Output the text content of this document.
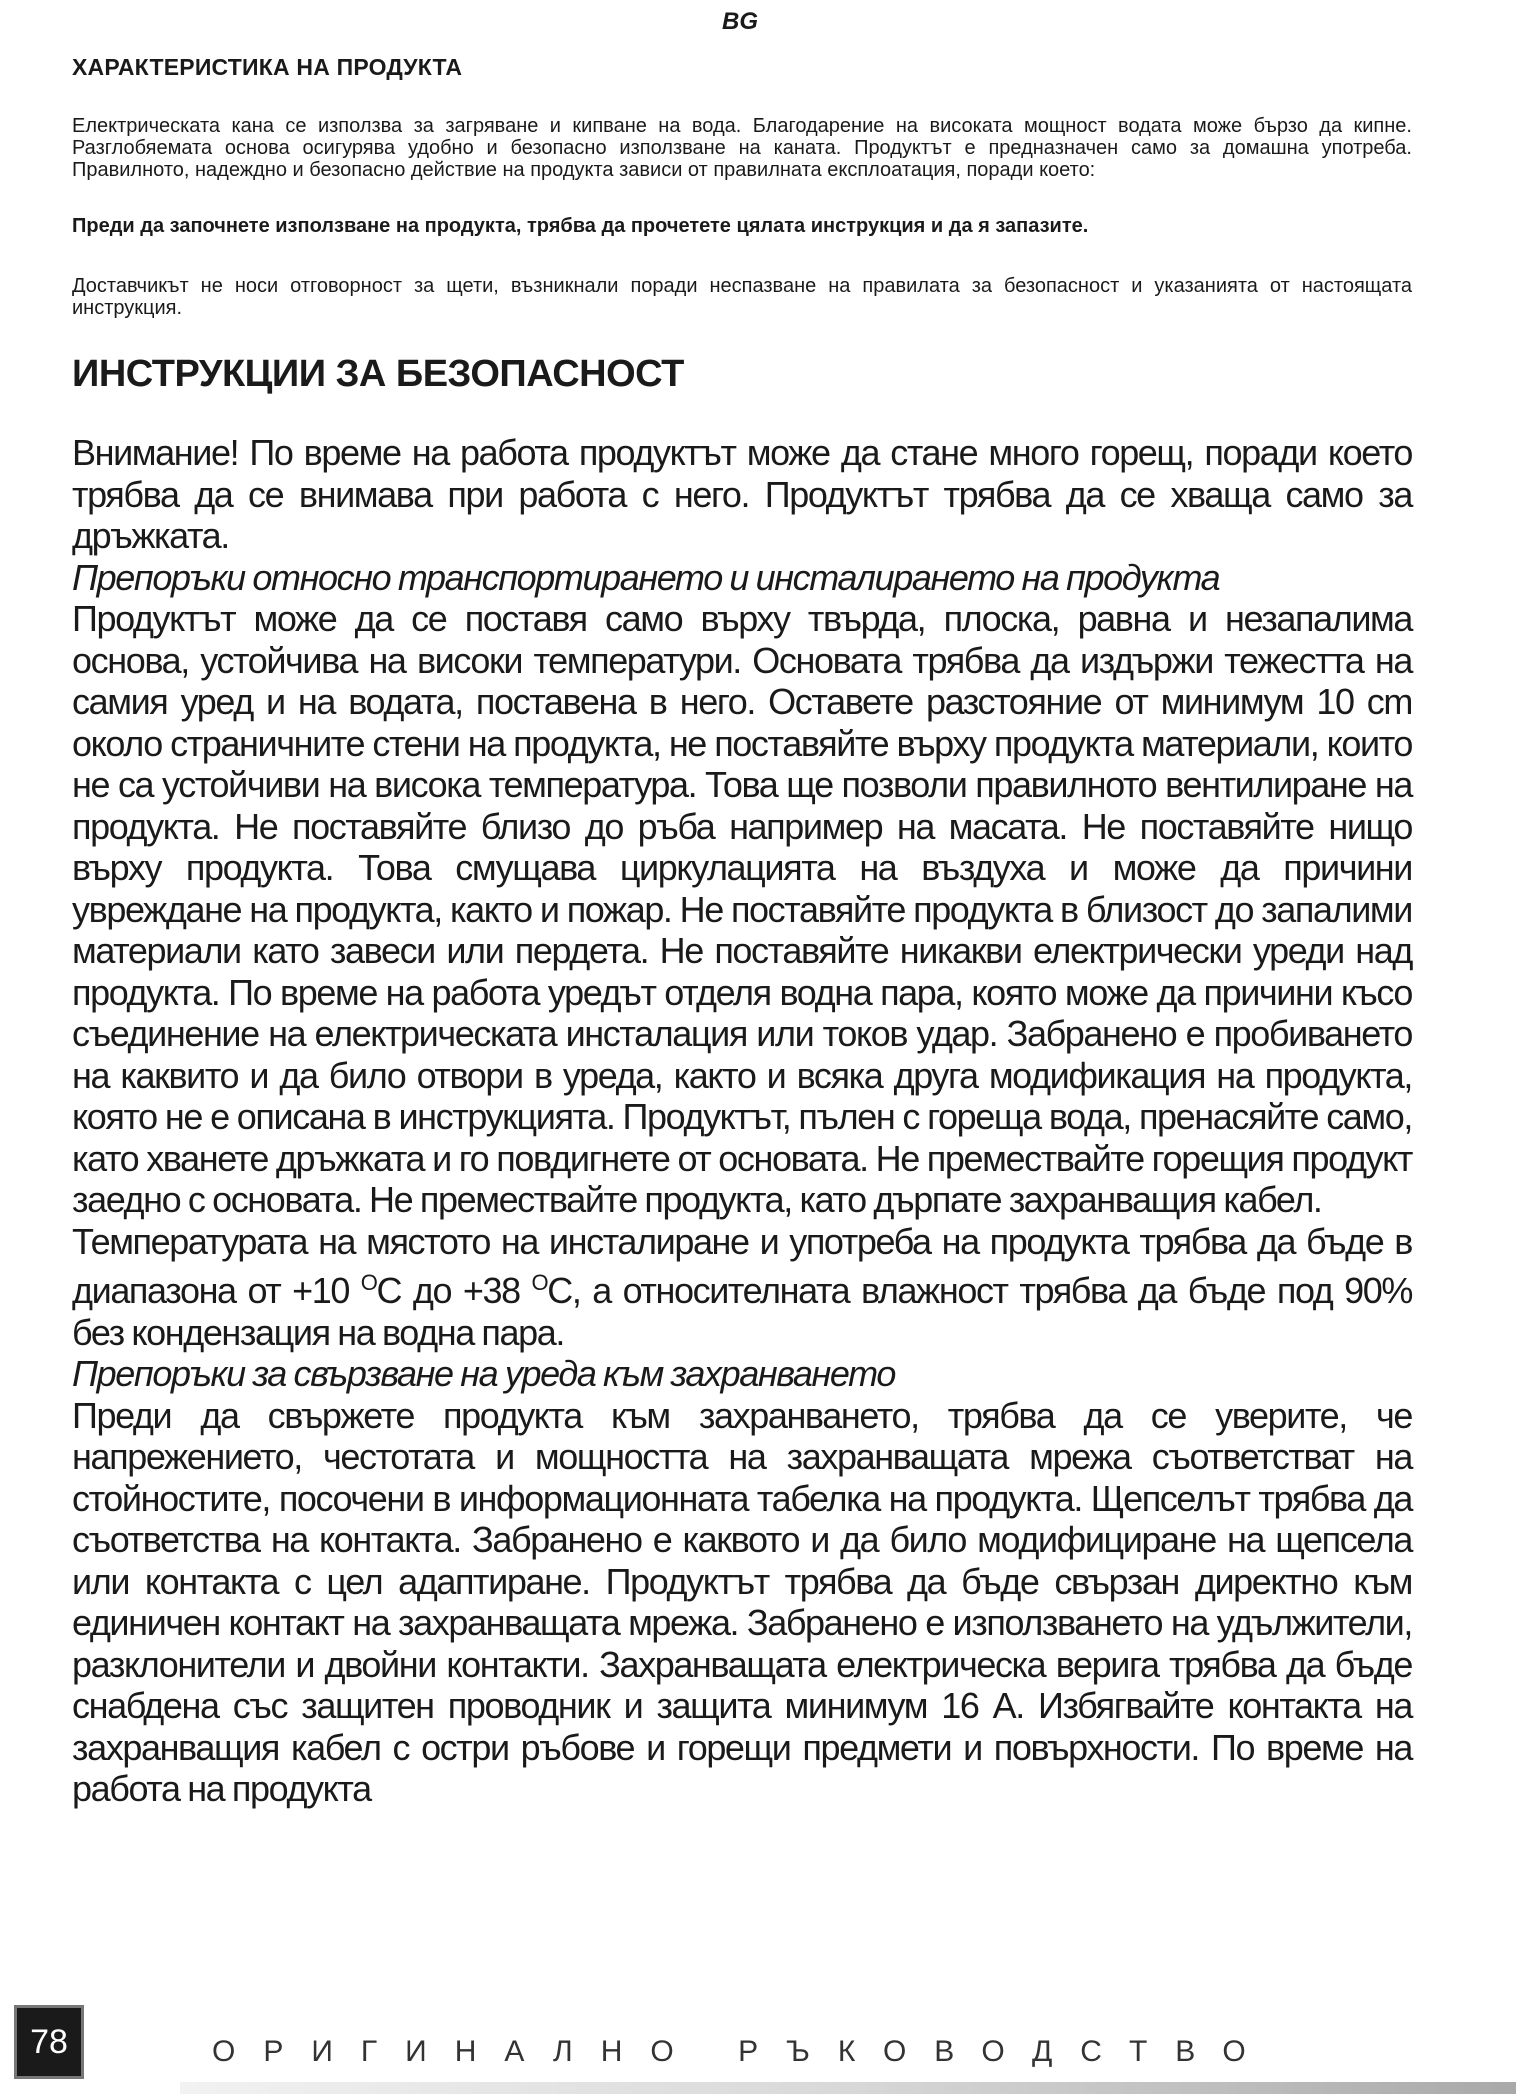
BG
ХАРАКТЕРИСТИКА НА ПРОДУКТА

Електрическата кана се използва за загряване и кипване на вода. Благодарение на високата мощност водата може бързо да кипне. Разглобяемата основа осигурява удобно и безопасно използване на каната. Продуктът е предназначен само за домашна употреба. Правилното, надеждно и безопасно действие на продукта зависи от правилната експлоатация, поради което:

Преди да започнете използване на продукта, трябва да прочетете цялата инструкция и да я запазите.

Доставчикът не носи отговорност за щети, възникнали поради неспазване на правилата за безопасност и указанията от настоящата инструкция.

ИНСТРУКЦИИ ЗА БЕЗОПАСНОСТ

Внимание! По време на работа продуктът може да стане много горещ, поради което трябва да се внимава при работа с него. Продуктът трябва да се хваща само за дръжката.

Препоръки относно транспортирането и инсталирането на продукта

Продуктът може да се поставя само върху твърда, плоска, равна и незапалима основа, устойчива на високи температури. Основата трябва да издържи тежестта на самия уред и на водата, поставена в него. Оставете разстояние от минимум 10 cm около страничните стени на продукта, не поставяйте върху продукта материали, които не са устойчиви на висока температура. Това ще позволи правилното вентилиране на продукта. Не поставяйте близо до ръба например на масата. Не поставяйте нищо върху продукта. Това смущава циркулацията на въздуха и може да причини увреждане на продукта, както и пожар. Не поставяйте продукта в близост до запалими материали като завеси или пердета. Не поставяйте никакви електрически уреди над продукта. По време на работа уредът отделя водна пара, която може да причини късо съединение на електрическата инсталация или токов удар. Забранено е пробиването на каквито и да било отвори в уреда, както и всяка друга модификация на продукта, която не е описана в инструкцията. Продуктът, пълен с гореща вода, пренасяйте само, като хванете дръжката и го повдигнете от основата. Не премествайте горещия продукт заедно с основата. Не премествайте продукта, като дърпате захранващия кабел.

Температурата на мястото на инсталиране и употреба на продукта трябва да бъде в диапазона от +10 $^O$C до +38 $^O$C, а относителната влажност трябва да бъде под 90% без кондензация на водна пара.

Препоръки за свързване на уреда към захранването

Преди да свържете продукта към захранването, трябва да се уверите, че напрежението, честотата и мощността на захранващата мрежа съответстват на стойностите, посочени в информационната табелка на продукта. Щепселът трябва да съответства на контакта. Забранено е каквото и да било модифициране на щепсела или контакта с цел адаптиране. Продуктът трябва да бъде свързан директно към единичен контакт на захранващата мрежа. Забранено е използването на удължители, разклонители и двойни контакти. Захранващата електрическа верига трябва да бъде снабдена със защитен проводник и защита минимум 16 А. Избягвайте контакта на захранващия кабел с остри ръбове и горещи предмети и повърхности. По време на работа на продукта

78	ОРИГИНАЛНО РЪКОВОДСТВО
